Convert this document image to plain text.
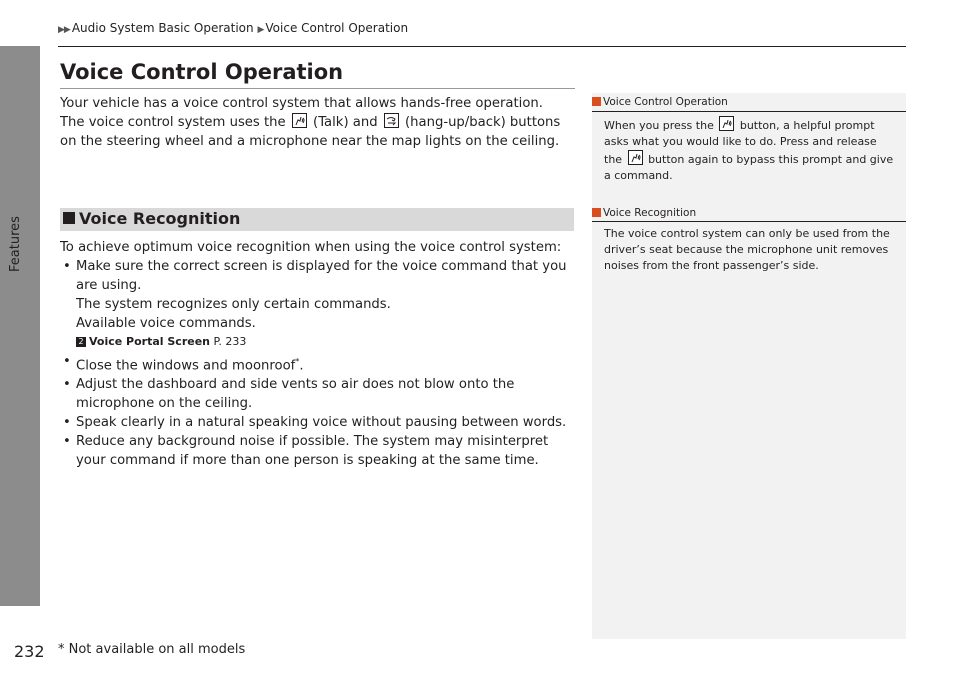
Features
232
▶▶ Audio System Basic Operation ▶ Voice Control Operation
Voice Control Operation

Your vehicle has a voice control system that allows hands-free operation.
The voice control system uses the (Talk) and (hang-up/back) buttons on the steering wheel and a microphone near the map lights on the ceiling.

Voice Recognition

To achieve optimum voice recognition when using the voice control system:

• Make sure the correct screen is displayed for the voice command that you are using.
The system recognizes only certain commands.
Available voice commands.
2 Voice Portal Screen P. 233
• Close the windows and moonroof*.
• Adjust the dashboard and side vents so air does not blow onto the microphone on the ceiling.
• Speak clearly in a natural speaking voice without pausing between words.
• Reduce any background noise if possible. The system may misinterpret your command if more than one person is speaking at the same time.
Voice Control Operation

When you press the button, a helpful prompt asks what you would like to do. Press and release the button again to bypass this prompt and give a command.

Voice Recognition

The voice control system can only be used from the driver’s seat because the microphone unit removes noises from the front passenger’s side.

* Not available on all models
